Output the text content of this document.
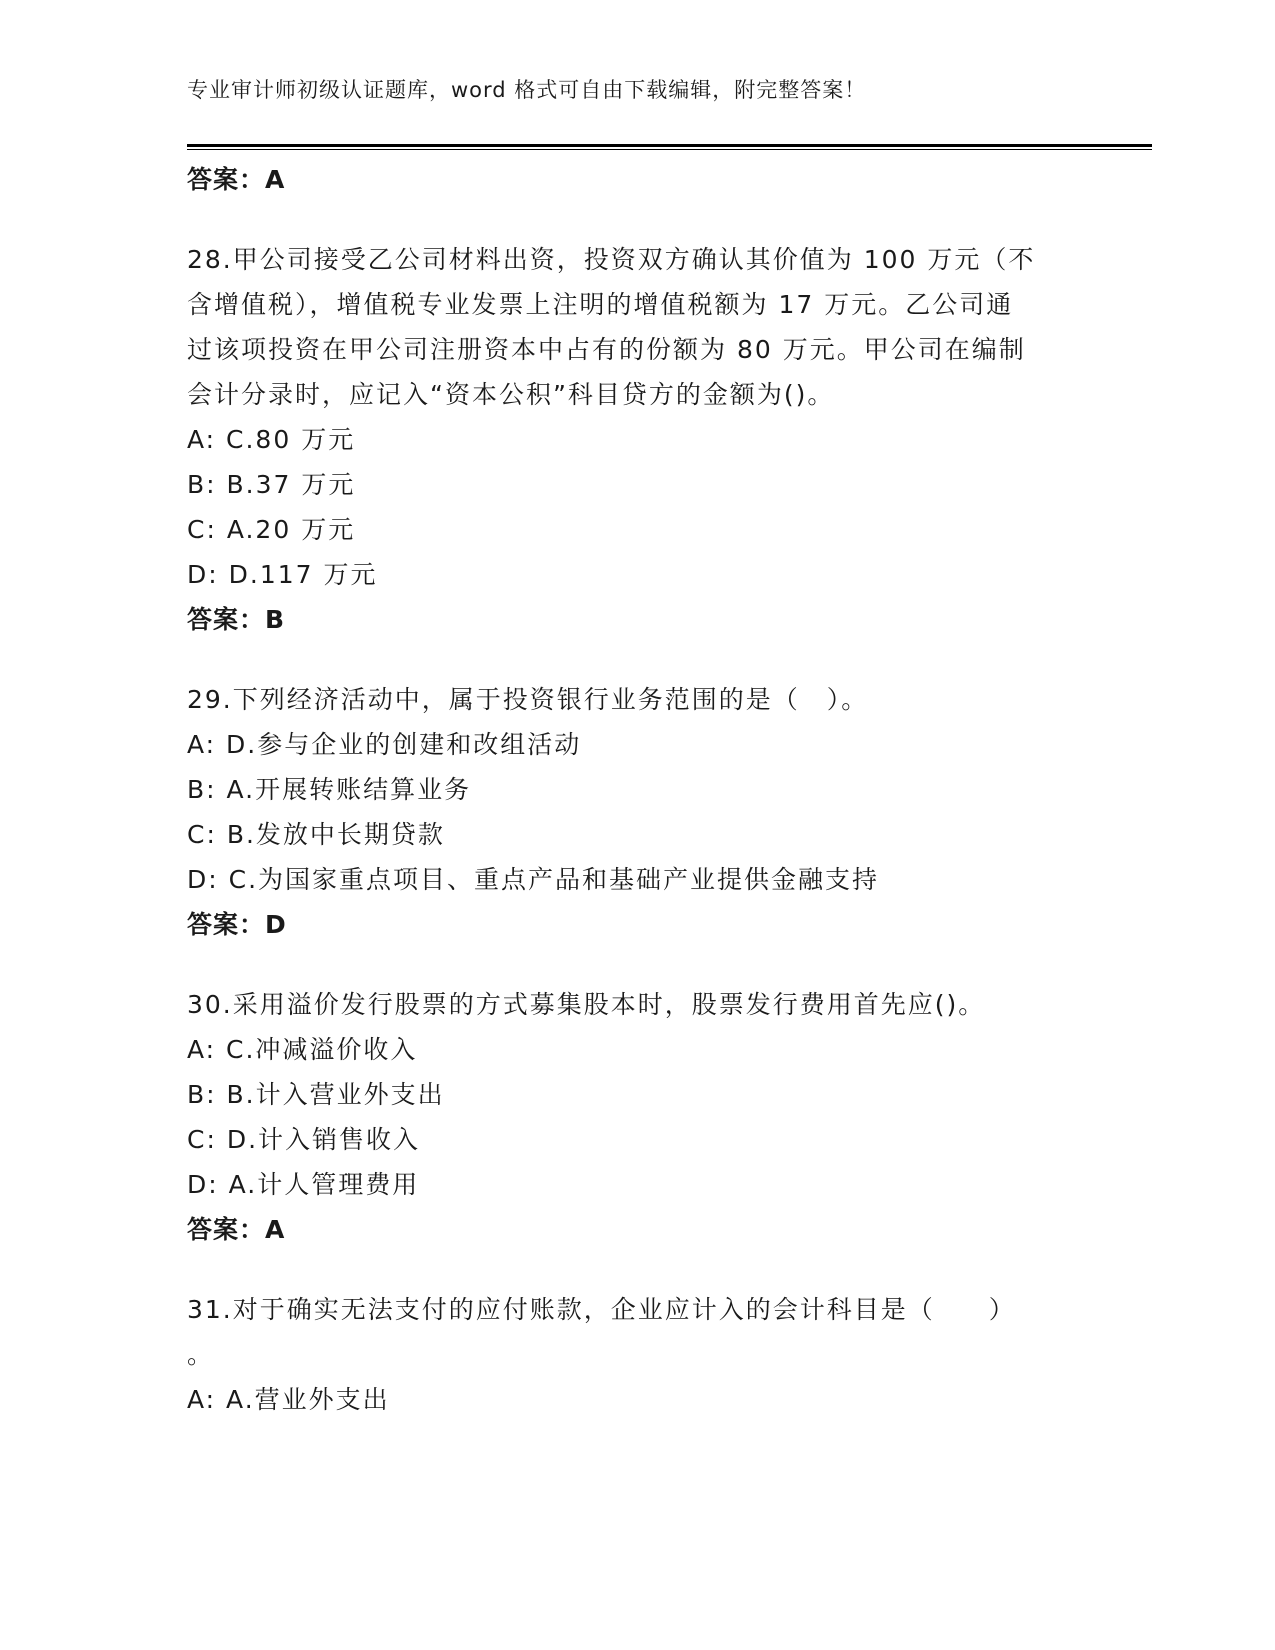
专业审计师初级认证题库，word 格式可自由下载编辑，附完整答案！
答案：A
28.甲公司接受乙公司材料出资，投资双方确认其价值为 100 万元（不
含增值税），增值税专业发票上注明的增值税额为 17 万元。乙公司通
过该项投资在甲公司注册资本中占有的份额为 80 万元。甲公司在编制
会计分录时，应记入“资本公积”科目贷方的金额为()。
A: C.80 万元
B: B.37 万元
C: A.20 万元
D: D.117 万元
答案：B
29.下列经济活动中，属于投资银行业务范围的是（　）。
A: D.参与企业的创建和改组活动
B: A.开展转账结算业务
C: B.发放中长期贷款
D: C.为国家重点项目、重点产品和基础产业提供金融支持
答案：D
30.采用溢价发行股票的方式募集股本时，股票发行费用首先应()。
A: C.冲减溢价收入
B: B.计入营业外支出
C: D.计入销售收入
D: A.计人管理费用
答案：A
31.对于确实无法支付的应付账款，企业应计入的会计科目是（　　）
。
A: A.营业外支出
